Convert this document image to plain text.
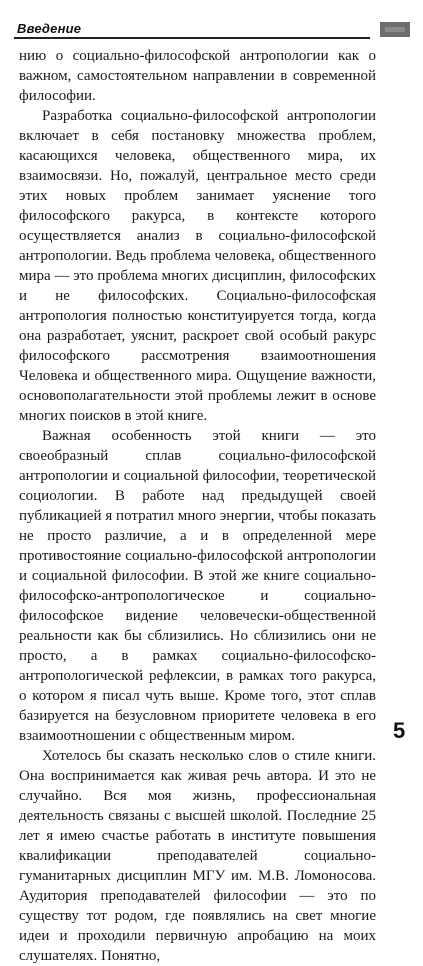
Введение

нию о социально-философской антропологии как о важном, самостоятельном направлении в современной философии.

Разработка социально-философской антропологии включает в себя постановку множества проблем, касающихся человека, общественного мира, их взаимосвязи. Но, пожалуй, центральное место среди этих новых проблем занимает уяснение того философского ракурса, в контексте которого осуществляется анализ в социально-философской антропологии. Ведь проблема человека, общественного мира — это проблема многих дисциплин, философских и не философских. Социально-философская антропология полностью конституируется тогда, когда она разработает, уяснит, раскроет свой особый ракурс философского рассмотрения взаимоотношения Человека и общественного мира. Ощущение важности, основополагательности этой проблемы лежит в основе многих поисков в этой книге.

Важная особенность этой книги — это своеобразный сплав социально-философской антропологии и социальной философии, теоретической социологии. В работе над предыдущей своей публикацией я потратил много энергии, чтобы показать не просто различие, а и в определенной мере противостояние социально-философской антропологии и социальной философии. В этой же книге социально-философско-антропологическое и социально-философское видение человечески-общественной реальности как бы сблизились. Но сблизились они не просто, а в рамках социально-философско-антропологической рефлексии, в рамках того ракурса, о котором я писал чуть выше. Кроме того, этот сплав базируется на безусловном приоритете человека в его взаимоотношении с общественным миром.

Хотелось бы сказать несколько слов о стиле книги. Она воспринимается как живая речь автора. И это не случайно. Вся моя жизнь, профессиональная деятельность связаны с высшей школой. Последние 25 лет я имею счастье работать в институте повышения квалификации преподавателей социально-гуманитарных дисциплин МГУ им. М.В. Ломоносова. Аудитория преподавателей философии — это по существу тот родом, где появлялись на свет многие идеи и проходили первичную апробацию на моих слушателях. Понятно,

5
